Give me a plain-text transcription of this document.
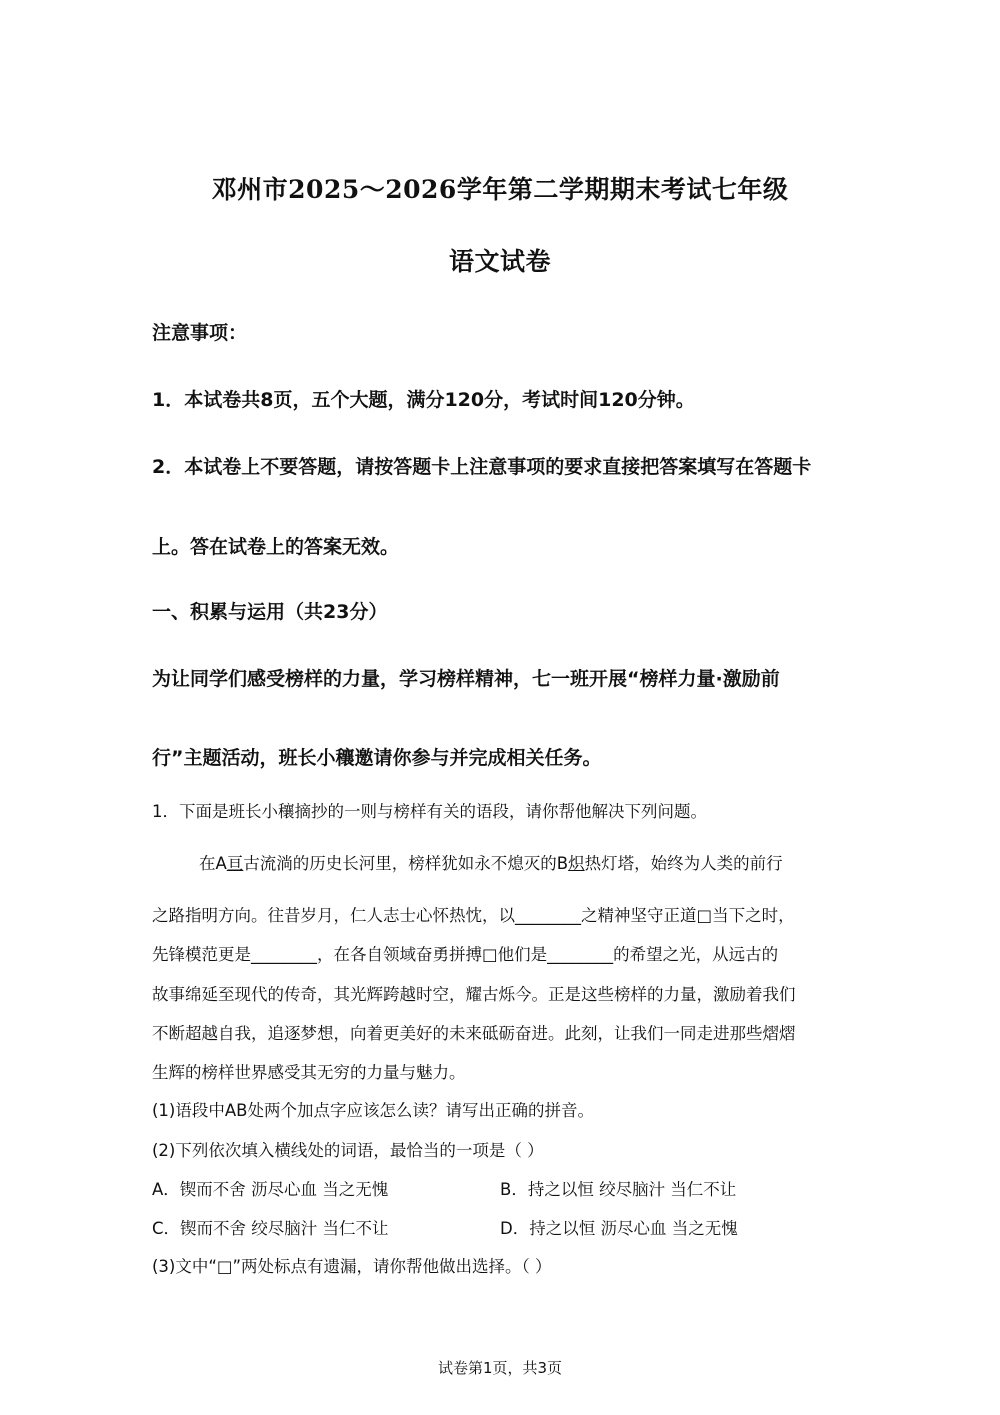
邓州市2025～2026学年第二学期期末考试七年级
语文试卷
注意事项：
1．本试卷共8页，五个大题，满分120分，考试时间120分钟。
2．本试卷上不要答题，请按答题卡上注意事项的要求直接把答案填写在答题卡
上。答在试卷上的答案无效。
一、积累与运用（共23分）
为让同学们感受榜样的力量，学习榜样精神，七一班开展“榜样力量·激励前
行”主题活动，班长小穰邀请你参与并完成相关任务。
1．下面是班长小穰摘抄的一则与榜样有关的语段，请你帮他解决下列问题。
在A亘古流淌的历史长河里，榜样犹如永不熄灭的B炽热灯塔，始终为人类的前行
之路指明方向。往昔岁月，仁人志士心怀热忱，以________之精神坚守正道□当下之时，
先锋模范更是________，在各自领域奋勇拼搏□他们是________的希望之光，从远古的
故事绵延至现代的传奇，其光辉跨越时空，耀古烁今。正是这些榜样的力量，激励着我们
不断超越自我，追逐梦想，向着更美好的未来砥砺奋进。此刻，让我们一同走进那些熠熠
生辉的榜样世界感受其无穷的力量与魅力。
(1)语段中AB处两个加点字应该怎么读？请写出正确的拼音。
(2)下列依次填入横线处的词语，最恰当的一项是（ ）
A．锲而不舍 沥尽心血 当之无愧	B．持之以恒 绞尽脑汁 当仁不让
C．锲而不舍 绞尽脑汁 当仁不让	D．持之以恒 沥尽心血 当之无愧
(3)文中“□”两处标点有遗漏，请你帮他做出选择。（ ）
试卷第1页，共3页
